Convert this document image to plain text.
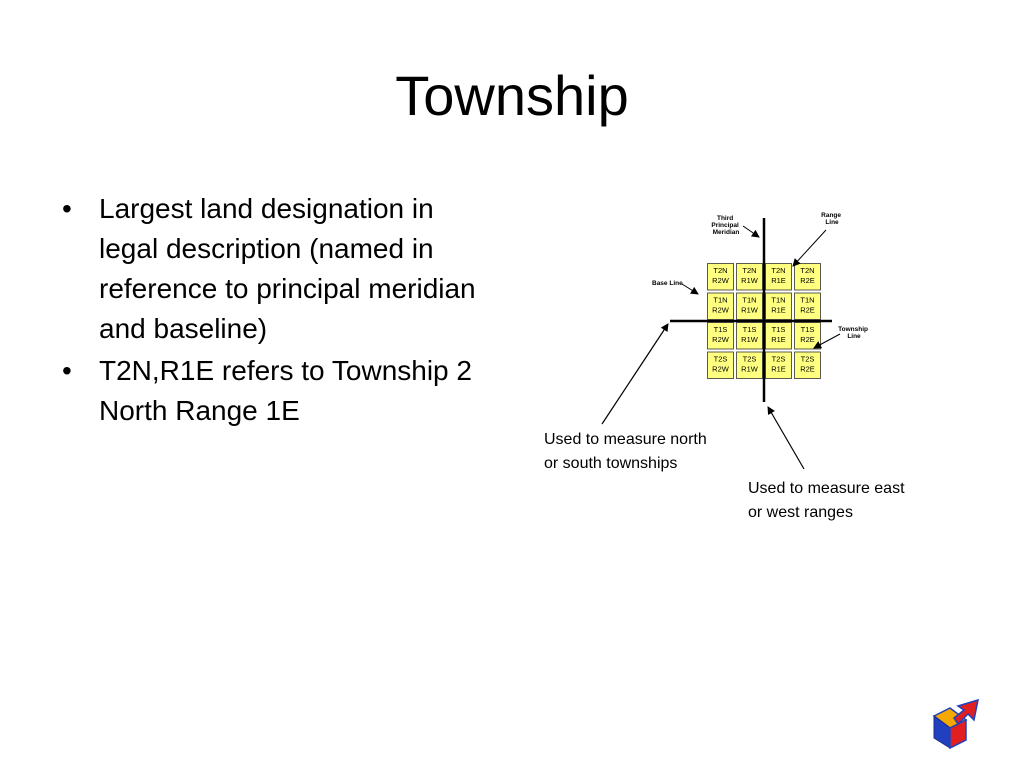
Township
• Largest land designation in legal description (named in reference to principal meridian and baseline)
• T2N,R1E refers to Township 2 North Range 1E
Third Principal Meridian
Range Line
Base Line
Township Line
T2N
R2W
T2N
R1W
T2N
R1E
T2N
R2E
T1N
R2W
T1N
R1W
T1N
R1E
T1N
R2E
T1S
R2W
T1S
R1W
T1S
R1E
T1S
R2E
T2S
R2W
T2S
R1W
T2S
R1E
T2S
R2E
Used to measure north
or south townships
Used to measure east
or west ranges
